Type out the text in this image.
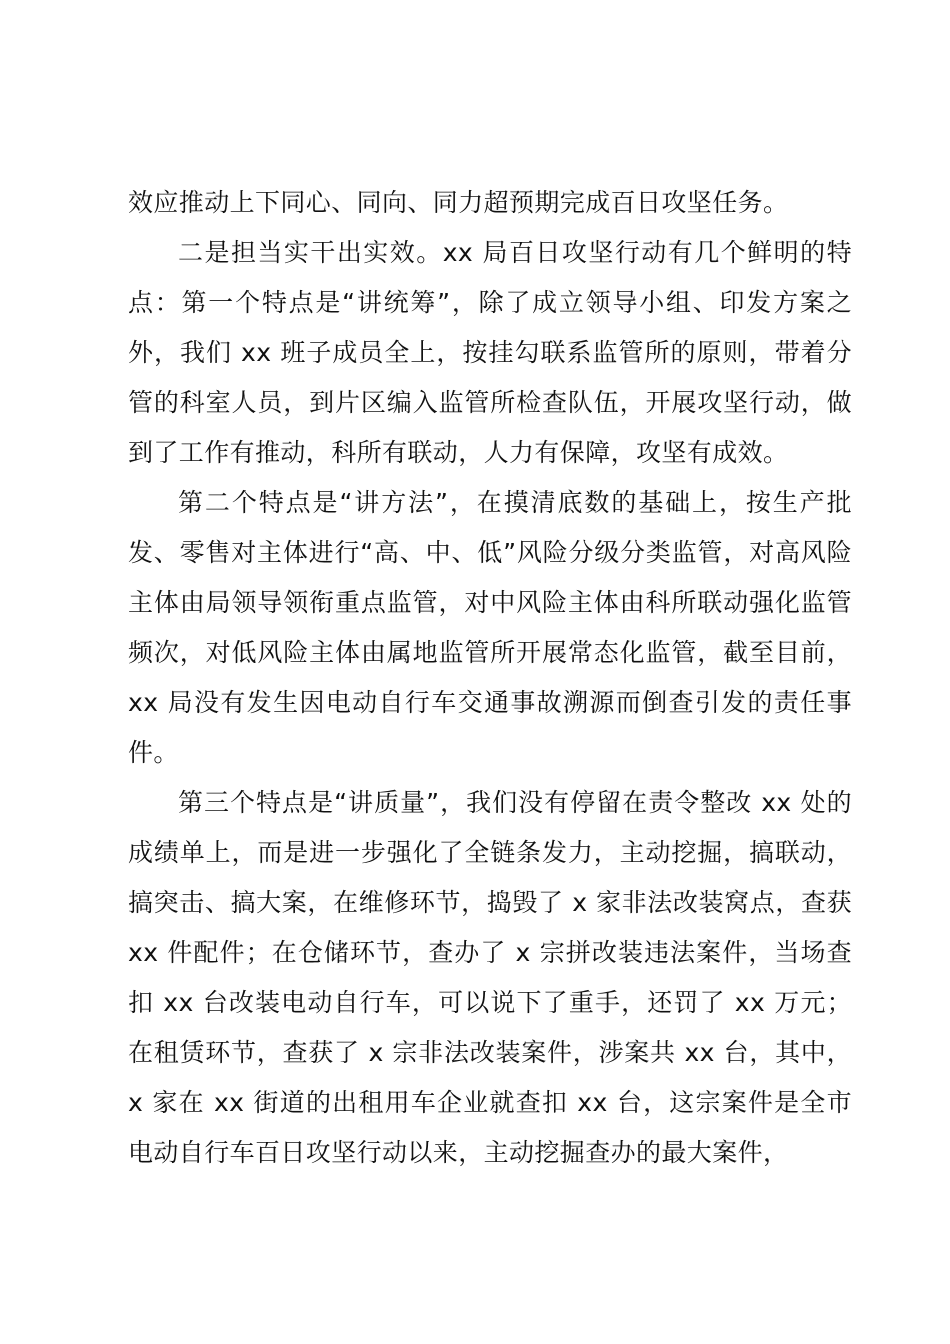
效应推动上下同心、同向、同力超预期完成百日攻坚任务。

二是担当实干出实效。xx 局百日攻坚行动有几个鲜明的特点：第一个特点是“讲统筹”，除了成立领导小组、印发方案之外，我们 xx 班子成员全上，按挂勾联系监管所的原则，带着分管的科室人员，到片区编入监管所检查队伍，开展攻坚行动，做到了工作有推动，科所有联动，人力有保障，攻坚有成效。

第二个特点是“讲方法”，在摸清底数的基础上，按生产批发、零售对主体进行“高、中、低”风险分级分类监管，对高风险主体由局领导领衔重点监管，对中风险主体由科所联动强化监管频次，对低风险主体由属地监管所开展常态化监管，截至目前，xx 局没有发生因电动自行车交通事故溯源而倒查引发的责任事件。

第三个特点是“讲质量”，我们没有停留在责令整改 xx 处的成绩单上，而是进一步强化了全链条发力，主动挖掘，搞联动，搞突击、搞大案，在维修环节，捣毁了 x 家非法改装窝点，查获 xx 件配件；在仓储环节，查办了 x 宗拼改装违法案件，当场查扣 xx 台改装电动自行车，可以说下了重手，还罚了 xx 万元；在租赁环节，查获了 x 宗非法改装案件，涉案共 xx 台，其中，x 家在 xx 街道的出租用车企业就查扣 xx 台，这宗案件是全市电动自行车百日攻坚行动以来，主动挖掘查办的最大案件，
